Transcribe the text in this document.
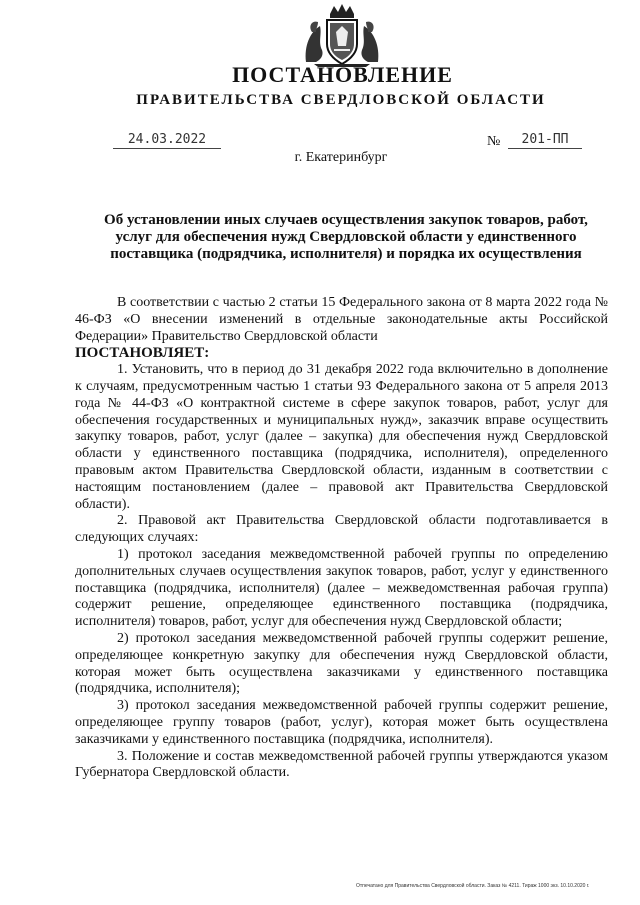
ПОСТАНОВЛЕНИЕ
ПРАВИТЕЛЬСТВА СВЕРДЛОВСКОЙ ОБЛАСТИ
24.03.2022	№	201-ПП
г. Екатеринбург
Об установлении иных случаев осуществления закупок товаров, работ, услуг для обеспечения нужд Свердловской области у единственного поставщика (подрядчика, исполнителя) и порядка их осуществления

В соответствии с частью 2 статьи 15 Федерального закона от 8 марта 2022 года № 46-ФЗ «О внесении изменений в отдельные законодательные акты Российской Федерации» Правительство Свердловской области

ПОСТАНОВЛЯЕТ:

1. Установить, что в период до 31 декабря 2022 года включительно в дополнение к случаям, предусмотренным частью 1 статьи 93 Федерального закона от 5 апреля 2013 года № 44-ФЗ «О контрактной системе в сфере закупок товаров, работ, услуг для обеспечения государственных и муниципальных нужд», заказчик вправе осуществить закупку товаров, работ, услуг (далее – закупка) для обеспечения нужд Свердловской области у единственного поставщика (подрядчика, исполнителя), определенного правовым актом Правительства Свердловской области, изданным в соответствии с настоящим постановлением (далее – правовой акт Правительства Свердловской области).

2. Правовой акт Правительства Свердловской области подготавливается в следующих случаях:

1) протокол заседания межведомственной рабочей группы по определению дополнительных случаев осуществления закупок товаров, работ, услуг у единственного поставщика (подрядчика, исполнителя) (далее – межведомственная рабочая группа) содержит решение, определяющее единственного поставщика (подрядчика, исполнителя) товаров, работ, услуг для обеспечения нужд Свердловской области;

2) протокол заседания межведомственной рабочей группы содержит решение, определяющее конкретную закупку для обеспечения нужд Свердловской области, которая может быть осуществлена заказчиками у единственного поставщика (подрядчика, исполнителя);

3) протокол заседания межведомственной рабочей группы содержит решение, определяющее группу товаров (работ, услуг), которая может быть осуществлена заказчиками у единственного поставщика (подрядчика, исполнителя).

3. Положение и состав межведомственной рабочей группы утверждаются указом Губернатора Свердловской области.

Отпечатано для Правительства Свердловской области. Заказ № 4211. Тираж 1000 экз. 10.10.2020 г.
